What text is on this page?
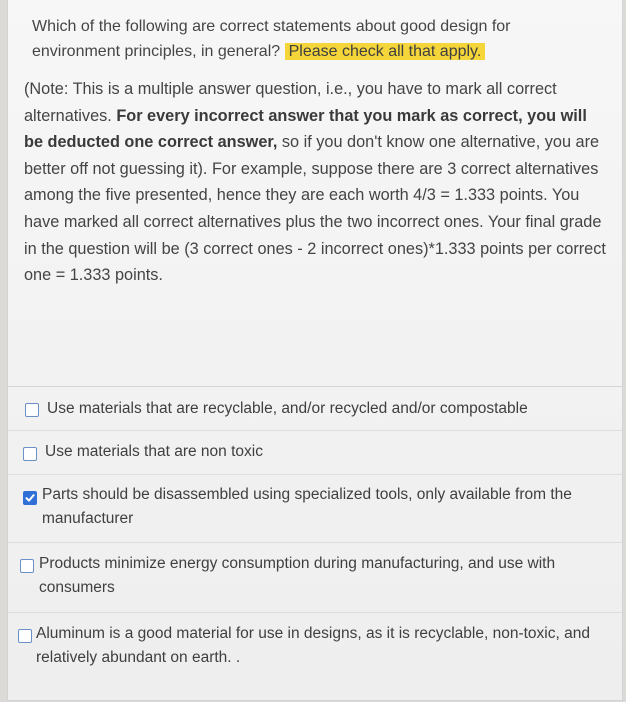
Which of the following are correct statements about good design for environment principles, in general? Please check all that apply.
(Note: This is a multiple answer question, i.e., you have to mark all correct alternatives. For every incorrect answer that you mark as correct, you will be deducted one correct answer, so if you don't know one alternative, you are better off not guessing it). For example, suppose there are 3 correct alternatives among the five presented, hence they are each worth 4/3 = 1.333 points. You have marked all correct alternatives plus the two incorrect ones. Your final grade in the question will be (3 correct ones - 2 incorrect ones)*1.333 points per correct one = 1.333 points.
Use materials that are recyclable, and/or recycled and/or compostable
Use materials that are non toxic
Parts should be disassembled using specialized tools, only available from the manufacturer
Products minimize energy consumption during manufacturing, and use with consumers
Aluminum is a good material for use in designs, as it is recyclable, non-toxic, and relatively abundant on earth. .
